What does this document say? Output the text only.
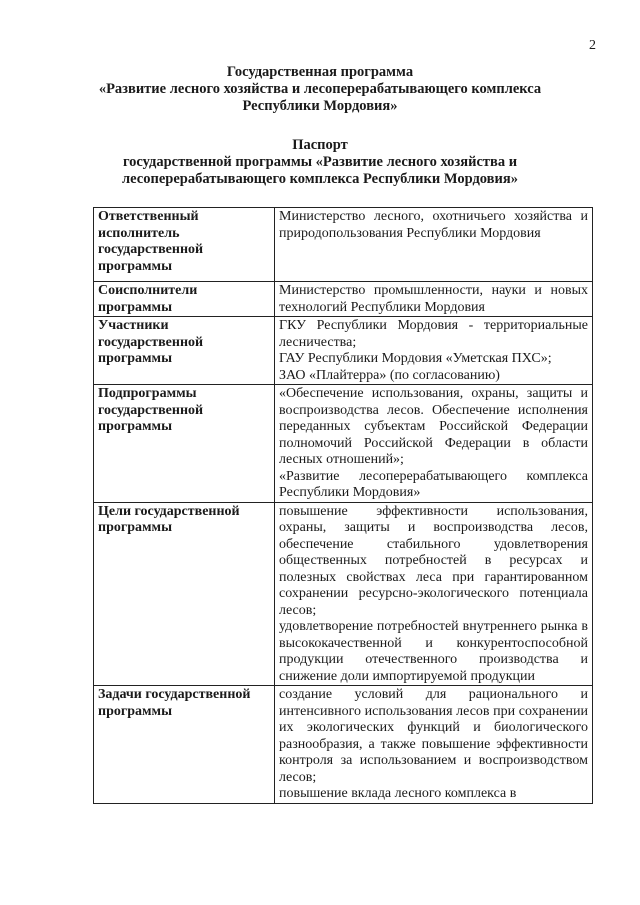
2
Государственная программа
«Развитие лесного хозяйства и лесоперерабатывающего комплекса
Республики Мордовия»
Паспорт
государственной программы «Развитие лесного хозяйства и
лесоперерабатывающего комплекса Республики Мордовия»
Ответственный исполнитель государственной программы	Министерство лесного, охотничьего хозяйства и природопользования Республики Мордовия

Соисполнители программы	Министерство промышленности, науки и новых технологий Республики Мордовия

Участники государственной программы	ГКУ Республики Мордовия - территориальные лесничества;

ГАУ Республики Мордовия «Уметская ПХС»;

ЗАО «Плайтерра» (по согласованию)

Подпрограммы государственной программы	«Обеспечение использования, охраны, защиты и воспроизводства лесов. Обеспечение исполнения переданных субъектам Российской Федерации полномочий Российской Федерации в области лесных отношений»;

«Развитие лесоперерабатывающего комплекса Республики Мордовия»

Цели государственной программы	повышение эффективности использования, охраны, защиты и воспроизводства лесов, обеспечение стабильного удовлетворения общественных потребностей в ресурсах и полезных свойствах леса при гарантированном сохранении ресурсно-экологического потенциала лесов;

удовлетворение потребностей внутреннего рынка в высококачественной и конкурентоспособной продукции отечественного производства и снижение доли импортируемой продукции

Задачи государственной программы	создание условий для рационального и интенсивного использования лесов при сохранении их экологических функций и биологического разнообразия, а также повышение эффективности контроля за использованием и воспроизводством лесов;

повышение вклада лесного комплекса в
